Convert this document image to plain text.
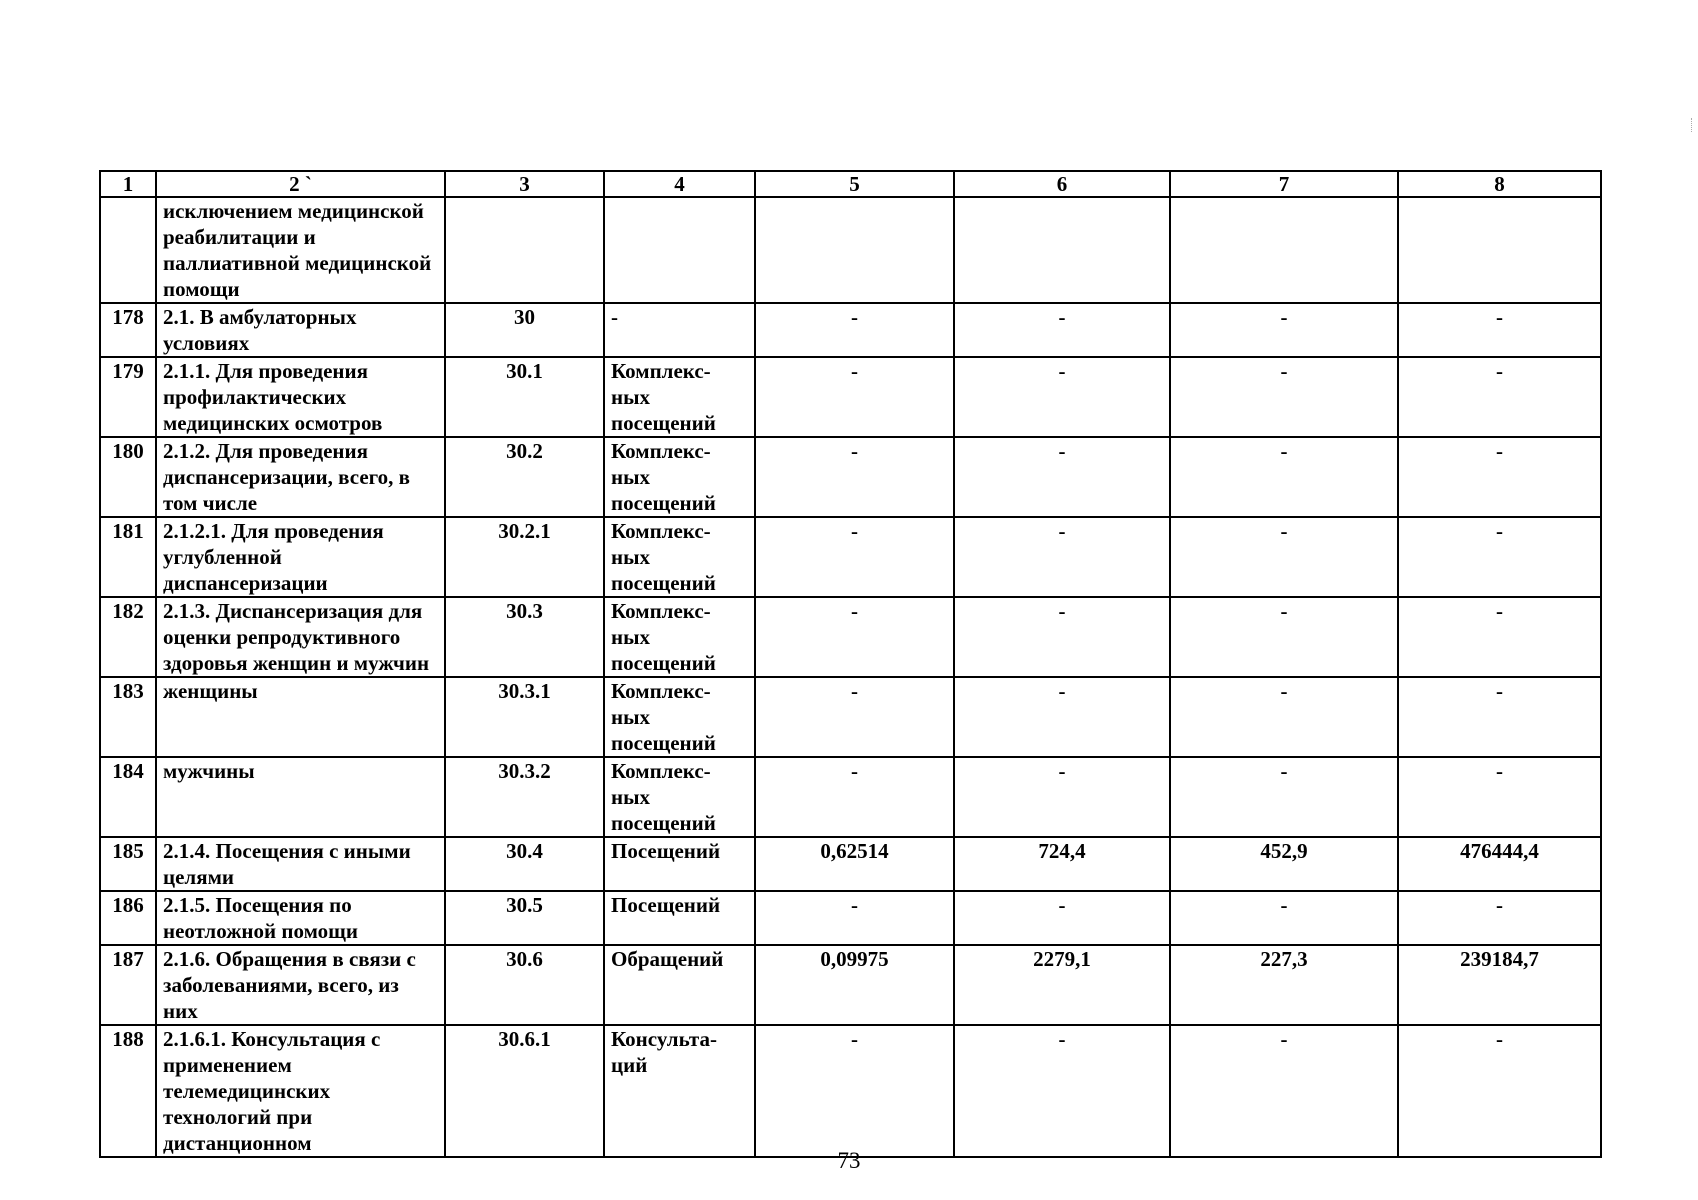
1	2 `	3	4	5	6	7	8
	исключением медицинской реабилитации и паллиативной медицинской помощи						
178	2.1. В амбулаторных условиях	30	-	-	-	-	-
179	2.1.1. Для проведения профилактических медицинских осмотров	30.1	Комплекс-ных посещений	-	-	-	-
180	2.1.2. Для проведения диспансеризации, всего, в том числе	30.2	Комплекс-ных посещений	-	-	-	-
181	2.1.2.1. Для проведения углубленной диспансеризации	30.2.1	Комплекс-ных посещений	-	-	-	-
182	2.1.3. Диспансеризация для оценки репродуктивного здоровья женщин и мужчин	30.3	Комплекс-ных посещений	-	-	-	-
183	женщины	30.3.1	Комплекс-ных посещений	-	-	-	-
184	мужчины	30.3.2	Комплекс-ных посещений	-	-	-	-
185	2.1.4. Посещения с иными целями	30.4	Посещений	0,62514	724,4	452,9	476444,4
186	2.1.5. Посещения по неотложной помощи	30.5	Посещений	-	-	-	-
187	2.1.6. Обращения в связи с заболеваниями, всего, из них	30.6	Обращений	0,09975	2279,1	227,3	239184,7
188	2.1.6.1. Консультация с применением телемедицинских технологий при дистанционном	30.6.1	Консульта-ций	-	-	-	-
73
